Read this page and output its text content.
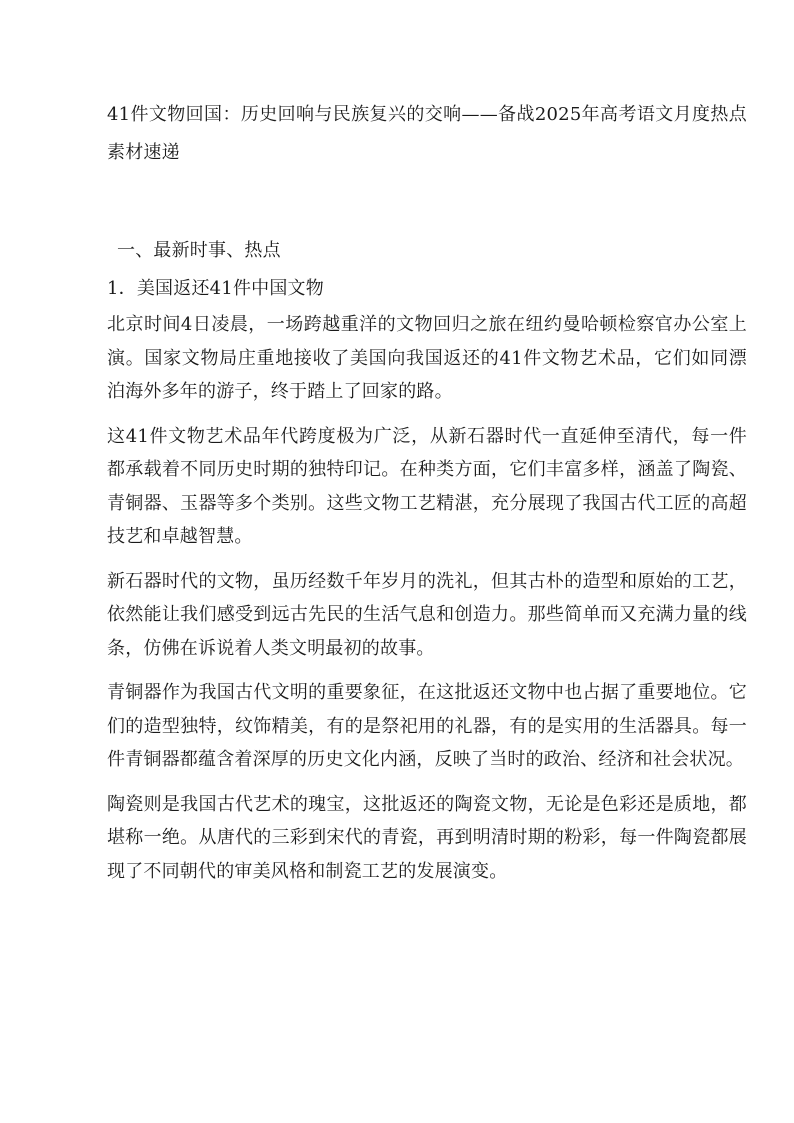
41件文物回国：历史回响与民族复兴的交响——备战2025年高考语文月度热点素材速递
一、最新时事、热点
1．美国返还41件中国文物

北京时间4日凌晨，一场跨越重洋的文物回归之旅在纽约曼哈顿检察官办公室上演。国家文物局庄重地接收了美国向我国返还的41件文物艺术品，它们如同漂泊海外多年的游子，终于踏上了回家的路。

这41件文物艺术品年代跨度极为广泛，从新石器时代一直延伸至清代，每一件都承载着不同历史时期的独特印记。在种类方面，它们丰富多样，涵盖了陶瓷、青铜器、玉器等多个类别。这些文物工艺精湛，充分展现了我国古代工匠的高超技艺和卓越智慧。

新石器时代的文物，虽历经数千年岁月的洗礼，但其古朴的造型和原始的工艺，依然能让我们感受到远古先民的生活气息和创造力。那些简单而又充满力量的线条，仿佛在诉说着人类文明最初的故事。

青铜器作为我国古代文明的重要象征，在这批返还文物中也占据了重要地位。它们的造型独特，纹饰精美，有的是祭祀用的礼器，有的是实用的生活器具。每一件青铜器都蕴含着深厚的历史文化内涵，反映了当时的政治、经济和社会状况。

陶瓷则是我国古代艺术的瑰宝，这批返还的陶瓷文物，无论是色彩还是质地，都堪称一绝。从唐代的三彩到宋代的青瓷，再到明清时期的粉彩，每一件陶瓷都展现了不同朝代的审美风格和制瓷工艺的发展演变。
